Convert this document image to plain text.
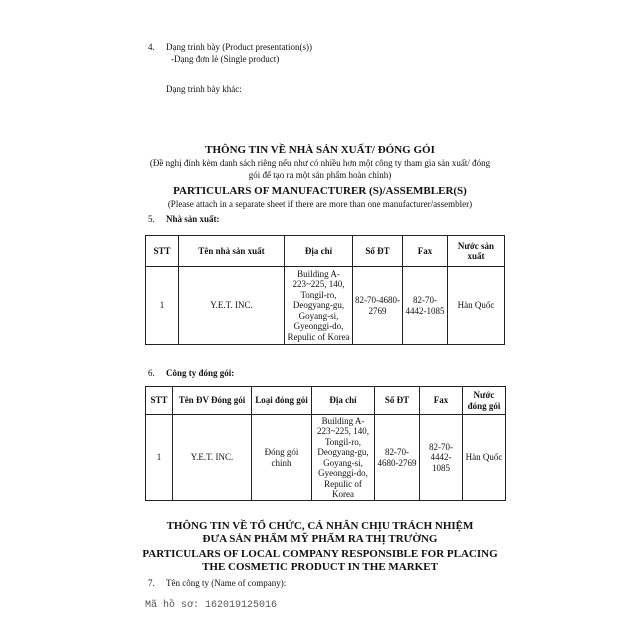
4. Dạng trình bày (Product presentation(s))
-Dạng đơn lẻ (Single product)
Dạng trình bày khác:
THÔNG TIN VỀ NHÀ SẢN XUẤT/ ĐÓNG GÓI
(Đề nghị đính kèm danh sách riêng nếu như có nhiều hơn một công ty tham gia sản xuất/ đóng
gói để tạo ra một sản phẩm hoàn chỉnh)
PARTICULARS OF MANUFACTURER (S)/ASSEMBLER(S)
(Please attach in a separate sheet if there are more than one manufacturer/assembler)
5. Nhà sản xuất:
STT	Tên nhà sản xuất	Địa chỉ	Số ĐT	Fax	Nước sản xuất
1	Y.E.T. INC.	Building A-223~225, 140, Tongil-ro, Deogyang-gu, Goyang-si, Gyeonggi-do, Repulic of Korea	82-70-4680-2769	82-70-4442-1085	Hàn Quốc
6. Công ty đóng gói:
STT	Tên ĐV Đóng gói	Loại đóng gói	Địa chỉ	Số ĐT	Fax	Nước đóng gói
1	Y.E.T. INC.	Đóng gói chính	Building A-223~225, 140, Tongil-ro, Deogyang-gu, Goyang-si, Gyeonggi-do, Repulic of Korea	82-70-4680-2769	82-70-4442-1085	Hàn Quốc
THÔNG TIN VỀ TỔ CHỨC, CÁ NHÂN CHỊU TRÁCH NHIỆM
ĐƯA SẢN PHẨM MỸ PHẨM RA THỊ TRƯỜNG
PARTICULARS OF LOCAL COMPANY RESPONSIBLE FOR PLACING
THE COSMETIC PRODUCT IN THE MARKET
7. Tên công ty (Name of company):
Mã hồ sơ: 162019125016
